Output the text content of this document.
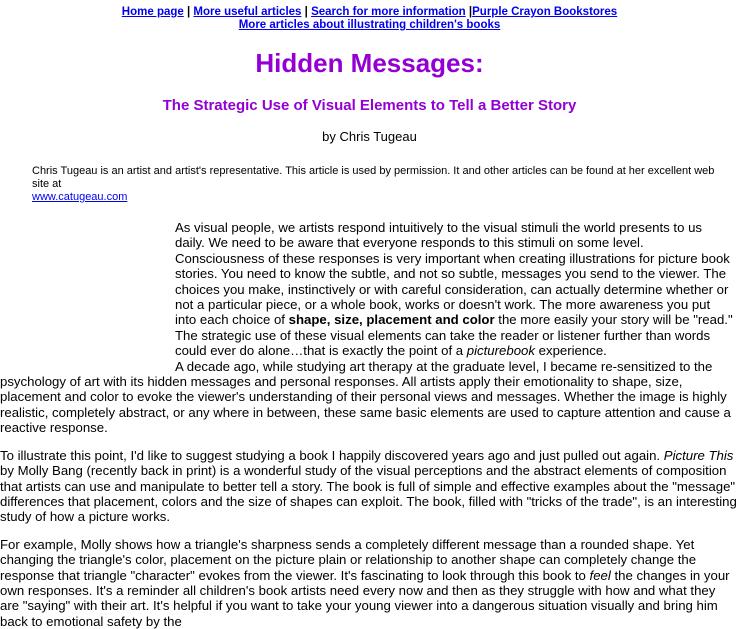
Home page | More useful articles | Search for more information |Purple Crayon Bookstores
More articles about illustrating children's books
Hidden Messages:
The Strategic Use of Visual Elements to Tell a Better Story
by Chris Tugeau
Chris Tugeau is an artist and artist's representative. This article is used by permission. It and other articles can be found at her excellent web site at
www.catugeau.com

As visual people, we artists respond intuitively to the visual stimuli the world presents to us daily. We need to be aware that everyone responds to this stimuli on some level. Consciousness of these responses is very important when creating illustrations for picture book stories. You need to know the subtle, and not so subtle, messages you send to the viewer. The choices you make, instinctively or with careful consideration, can actually determine whether or not a particular piece, or a whole book, works or doesn't work. The more awareness you put into each choice of shape, size, placement and color the more easily your story will be "read." The strategic use of these visual elements can take the reader or listener further than words could ever do alone…that is exactly the point of a picturebook experience.

A decade ago, while studying art therapy at the graduate level, I became re-sensitized to the psychology of art with its hidden messages and personal responses. All artists apply their emotionality to shape, size, placement and color to evoke the viewer's understanding of their personal views and messages. Whether the image is highly realistic, completely abstract, or any where in between, these same basic elements are used to capture attention and cause a reactive response.

To illustrate this point, I'd like to suggest studying a book I happily discovered years ago and just pulled out again. Picture This by Molly Bang (recently back in print) is a wonderful study of the visual perceptions and the abstract elements of composition that artists can use and manipulate to better tell a story. The book is full of simple and effective examples about the "message" differences that placement, colors and the size of shapes can exploit. The book, filled with "tricks of the trade", is an interesting study of how a picture works.

For example, Molly shows how a triangle's sharpness sends a completely different message than a rounded shape. Yet changing the triangle's color, placement on the picture plain or relationship to another shape can completely change the response that triangle "character" evokes from the viewer. It's fascinating to look through this book to feel the changes in your own responses. It's a reminder all children's book artists need every now and then as they struggle with how and what they are "saying" with their art. It's helpful if you want to take your young viewer into a dangerous situation visually and bring him back to emotional safety by the
